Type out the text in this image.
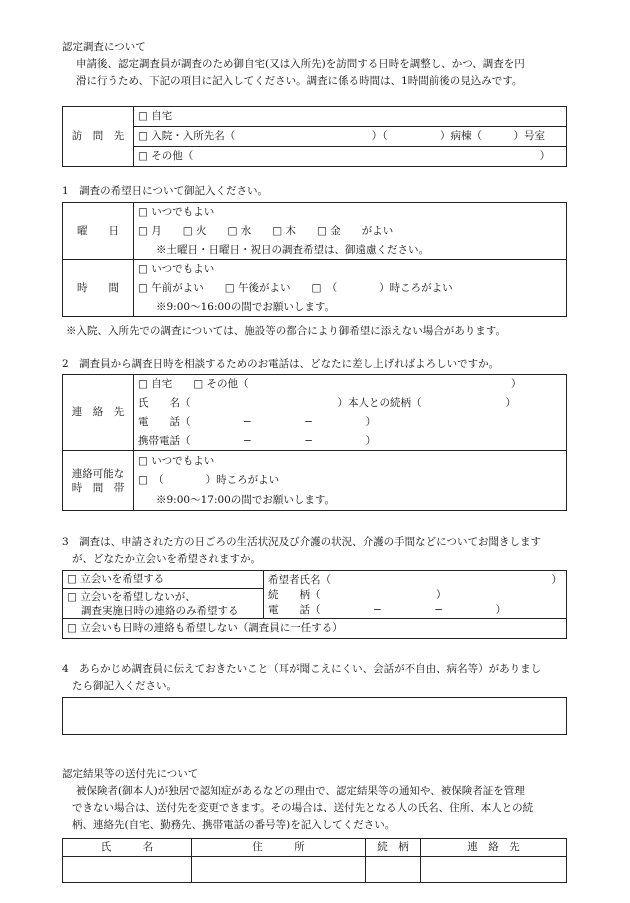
認定調査について
申請後、認定調査員が調査のため御自宅(又は入所先)を訪問する日時を調整し、かつ、調査を円
滑に行うため、下記の項目に記入してください。調査に係る時間は、1時間前後の見込みです。
訪　問　先	□ 自宅
□ 入院・入所先名（　　　　　　　　　　　　　）（　　　　　）病棟（　　　）号室
□ その他（　　　　　　　　　　　　　　　　　　　　　　　　　　　　　　　　　）
1　調査の希望日について御記入ください。
曜　　日	□ いつでもよい
	□ 月　　□ 火　　□ 水　　□ 木　　□ 金　　がよい
	※土曜日・日曜日・祝日の調査希望は、御遠慮ください。
時　　間	□ いつでもよい
	□ 午前がよい　　□ 午後がよい　　□　（　　　　）時ころがよい
	※9:00〜16:00の間でお願いします。
※入院、入所先での調査については、施設等の都合により御希望に添えない場合があります。
2　調査員から調査日時を相談するためのお電話は、どなたに差し上げればよろしいですか。
連　絡　先	□ 自宅　　□ その他（　　　　　　　　　　　　　　　　　　　　　　　　　）
	氏　　名（　　　　　　　　　　　　　　）本人との続柄（　　　　　　　　）
	電　　話（　　　　　−　　　　　−　　　　　）
	携帯電話（　　　　　−　　　　　−　　　　　）

連絡可能な
時　間　帯	□ いつでもよい
	□　（　　　　）時ころがよい
	※9:00〜17:00の間でお願いします。
3　調査は、申請された方の日ごろの生活状況及び介護の状況、介護の手間などについてお聞きします
が、どなたか立会いを希望されますか。
□ 立会いを希望する	希望者氏名（　　　　　　　　　　　　　　　　　　　　　）
続　　柄（　　　　　　　　　　　）
電　　話（　　　　　−　　　　　−　　　　　）

□ 立会いを希望しないが、
調査実施日時の連絡のみ希望する

□ 立会いも日時の連絡も希望しない（調査員に一任する）
4　あらかじめ調査員に伝えておきたいこと（耳が聞こえにくい、会話が不自由、病名等）がありまし
たら御記入ください。
認定結果等の送付先について
被保険者(御本人)が独居で認知症があるなどの理由で、認定結果等の通知や、被保険者証を管理
できない場合は、送付先を変更できます。その場合は、送付先となる人の氏名、住所、本人との続
柄、連絡先(自宅、勤務先、携帯電話の番号等)を記入してください。
氏　　　名	住　　　所	続　柄	連　絡　先
